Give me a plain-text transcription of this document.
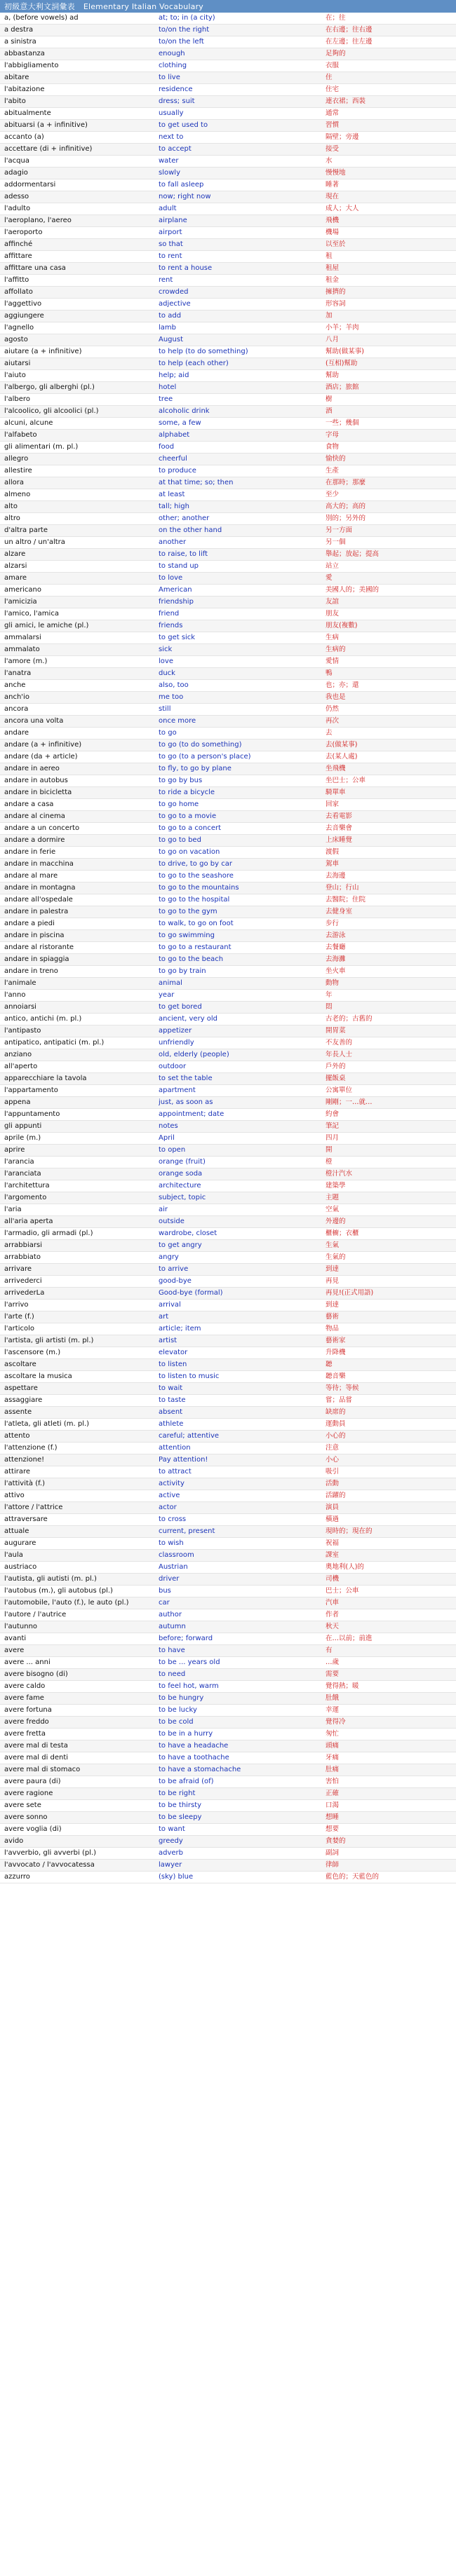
初級意大利文詞彙表 Elementary Italian Vocabulary
a, (before vowels) ad	at; to; in (a city)	在；往
a destra	to/on the right	在右邊；往右邊
a sinistra	to/on the left	在左邊；往左邊
abbastanza	enough	足夠的
l'abbigliamento	clothing	衣服
abitare	to live	住
l'abitazione	residence	住宅
l'abito	dress; suit	連衣裙；西裝
abitualmente	usually	通常
abituarsi (a + infinitive)	to get used to	習慣
accanto (a)	next to	隔壁；旁邊
accettare (di + infinitive)	to accept	接受
l'acqua	water	水
adagio	slowly	慢慢地
addormentarsi	to fall asleep	睡著
adesso	now; right now	現在
l'adulto	adult	成人；大人
l'aeroplano, l'aereo	airplane	飛機
l'aeroporto	airport	機場
affinché	so that	以至於
affittare	to rent	租
affittare una casa	to rent a house	租屋
l'affitto	rent	租金
affollato	crowded	擁擠的
l'aggettivo	adjective	形容詞
aggiungere	to add	加
l'agnello	lamb	小羊；羊肉
agosto	August	八月
aiutare (a + infinitive)	to help (to do something)	幫助(做某事)
aiutarsi	to help (each other)	(互相)幫助
l'aiuto	help; aid	幫助
l'albergo, gli alberghi (pl.)	hotel	酒店；旅館
l'albero	tree	樹
l'alcoolico, gli alcoolici (pl.)	alcoholic drink	酒
alcuni, alcune	some, a few	一些；幾個
l'alfabeto	alphabet	字母
gli alimentari (m. pl.)	food	食物
allegro	cheerful	愉快的
allestire	to produce	生產
allora	at that time; so; then	在那時；那麼
almeno	at least	至少
alto	tall; high	高大的；高的
altro	other; another	別的；另外的
d'altra parte	on the other hand	另一方面
un altro / un'altra	another	另一個
alzare	to raise, to lift	舉起；放起；提高
alzarsi	to stand up	站立
amare	to love	愛
americano	American	美國人的；美國的
l'amicizia	friendship	友誼
l'amico, l'amica	friend	朋友
gli amici, le amiche (pl.)	friends	朋友(複數)
ammalarsi	to get sick	生病
ammalato	sick	生病的
l'amore (m.)	love	愛情
l'anatra	duck	鴨
anche	also, too	也；亦；還
anch'io	me too	我也是
ancora	still	仍然
ancora una volta	once more	再次
andare	to go	去
andare (a + infinitive)	to go (to do something)	去(做某事)
andare (da + article)	to go (to a person's place)	去(某人處)
andare in aereo	to fly, to go by plane	坐飛機
andare in autobus	to go by bus	坐巴士；公車
andare in bicicletta	to ride a bicycle	騎單車
andare a casa	to go home	回家
andare al cinema	to go to a movie	去看電影
andare a un concerto	to go to a concert	去音樂會
andare a dormire	to go to bed	上床睡覺
andare in ferie	to go on vacation	渡假
andare in macchina	to drive, to go by car	駕車
andare al mare	to go to the seashore	去海邊
andare in montagna	to go to the mountains	登山；行山
andare all'ospedale	to go to the hospital	去醫院；住院
andare in palestra	to go to the gym	去健身室
andare a piedi	to walk, to go on foot	步行
andare in piscina	to go swimming	去游泳
andare al ristorante	to go to a restaurant	去餐廳
andare in spiaggia	to go to the beach	去海灘
andare in treno	to go by train	坐火車
l'animale	animal	動物
l'anno	year	年
annoiarsi	to get bored	悶
antico, antichi (m. pl.)	ancient, very old	古老的；古舊的
l'antipasto	appetizer	開胃菜
antipatico, antipatici (m. pl.)	unfriendly	不友善的
anziano	old, elderly (people)	年長人士
all'aperto	outdoor	戶外的
apparecchiare la tavola	to set the table	擺飯桌
l'appartamento	apartment	公寓單位
appena	just, as soon as	剛剛；一…就…
l'appuntamento	appointment; date	約會
gli appunti	notes	筆記
aprile (m.)	April	四月
aprire	to open	開
l'arancia	orange (fruit)	橙
l'aranciata	orange soda	橙汁汽水
l'architettura	architecture	建築學
l'argomento	subject, topic	主題
l'aria	air	空氣
all'aria aperta	outside	外邊的
l'armadio, gli armadi (pl.)	wardrobe, closet	櫃櫥；衣櫃
arrabbiarsi	to get angry	生氣
arrabbiato	angry	生氣的
arrivare	to arrive	到達
arrivederci	good-bye	再見
arrivederLa	Good-bye (formal)	再見!(正式用語)
l'arrivo	arrival	到達
l'arte (f.)	art	藝術
l'articolo	article; item	物品
l'artista, gli artisti (m. pl.)	artist	藝術家
l'ascensore (m.)	elevator	升降機
ascoltare	to listen	聽
ascoltare la musica	to listen to music	聽音樂
aspettare	to wait	等待；等候
assaggiare	to taste	嘗；品嘗
assente	absent	缺席的
l'atleta, gli atleti (m. pl.)	athlete	運動員
attento	careful; attentive	小心的
l'attenzione (f.)	attention	注意
attenzione!	Pay attention!	小心
attirare	to attract	吸引
l'attività (f.)	activity	活動
attivo	active	活躍的
l'attore / l'attrice	actor	演員
attraversare	to cross	橫過
attuale	current, present	現時的；現在的
augurare	to wish	祝福
l'aula	classroom	課室
austriaco	Austrian	奧地利(人)的
l'autista, gli autisti (m. pl.)	driver	司機
l'autobus (m.), gli autobus (pl.)	bus	巴士；公車
l'automobile, l'auto (f.), le auto (pl.)	car	汽車
l'autore / l'autrice	author	作者
l'autunno	autumn	秋天
avanti	before; forward	在…以前；前進
avere	to have	有
avere ... anni	to be ... years old	…歲
avere bisogno (di)	to need	需要
avere caldo	to feel hot, warm	覺得熱；暖
avere fame	to be hungry	肚餓
avere fortuna	to be lucky	幸運
avere freddo	to be cold	覺得冷
avere fretta	to be in a hurry	匆忙
avere mal di testa	to have a headache	頭痛
avere mal di denti	to have a toothache	牙痛
avere mal di stomaco	to have a stomachache	肚痛
avere paura (di)	to be afraid (of)	害怕
avere ragione	to be right	正確
avere sete	to be thirsty	口渴
avere sonno	to be sleepy	想睡
avere voglia (di)	to want	想要
avido	greedy	貪婪的
l'avverbio, gli avverbi (pl.)	adverb	副詞
l'avvocato / l'avvocatessa	lawyer	律師
azzurro	(sky) blue	藍色的；天藍色的
